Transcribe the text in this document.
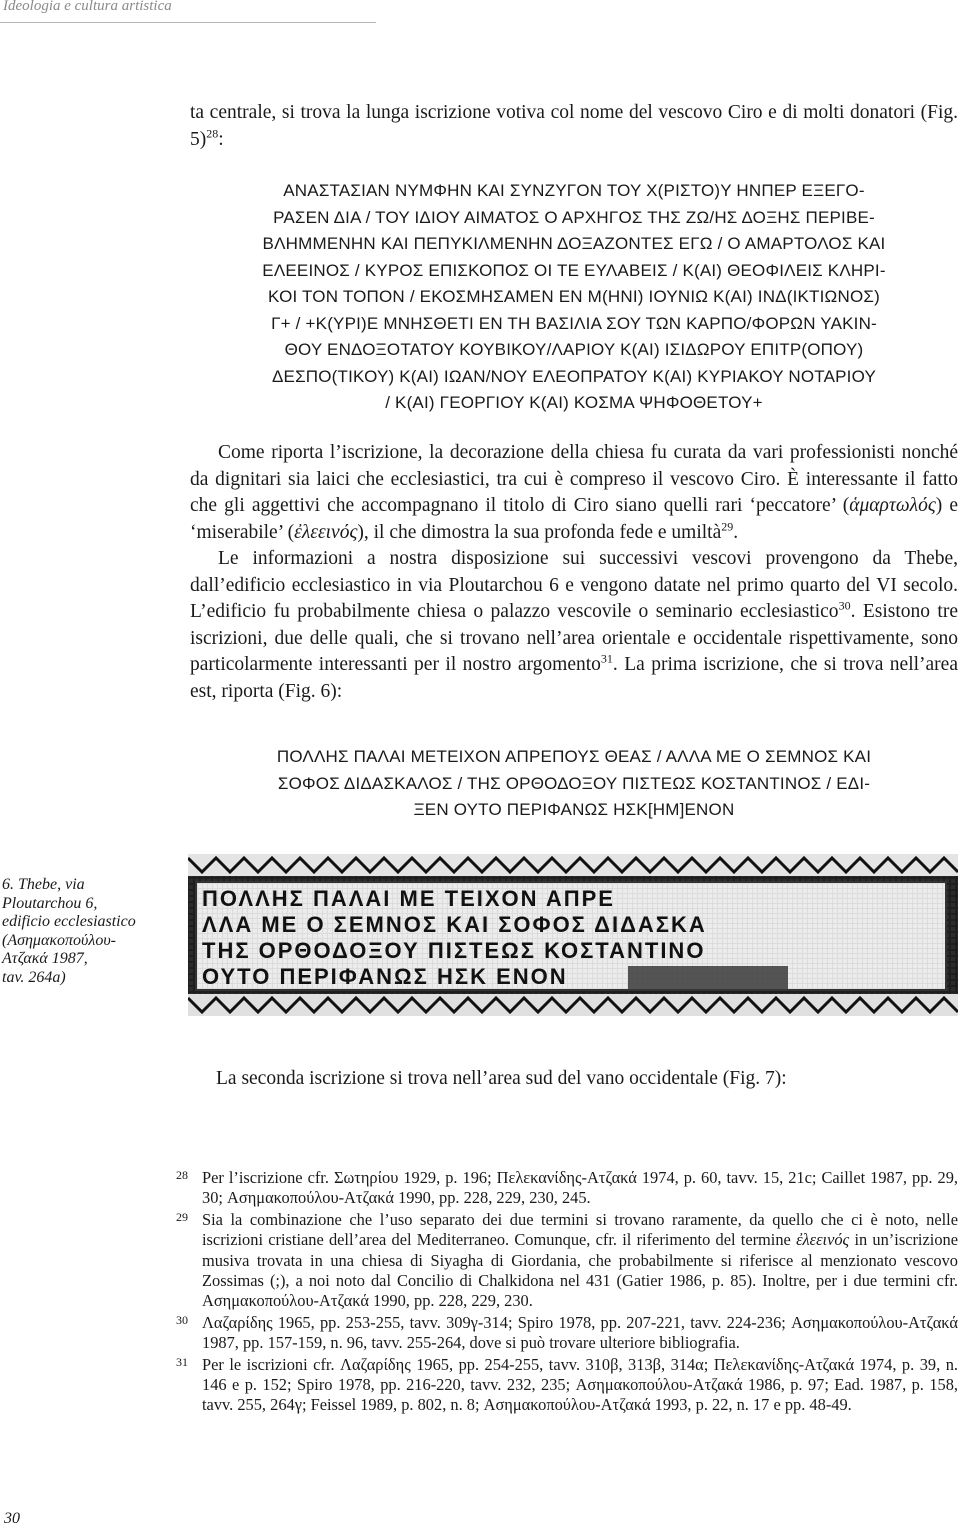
Ideologia e cultura artistica

ta centrale, si trova la lunga iscrizione votiva col nome del vescovo Ciro e di molti donatori (Fig. 5)$^{28}$:

ΑΝΑΣΤΑΣΙΑΝ ΝΥΜΦΗΝ ΚΑΙ ΣΥΝΖΥΓΟΝ ΤΟΥ Χ(ΡΙΣΤΟ)Υ ΗΝΠΕΡ ΕΞΕΓΟ-
ΡΑΣΕΝ ΔΙΑ / ΤΟΥ ΙΔΙΟΥ ΑΙΜΑΤΟΣ Ο ΑΡΧΗΓΟΣ ΤΗΣ ΖΩ/ΗΣ ΔΟΞΗΣ ΠΕΡΙΒΕ-
ΒΛΗΜΜΕΝΗΝ ΚΑΙ ΠΕΠΥΚΙΛΜΕΝΗΝ ΔΟΞΑΖΟΝΤΕΣ ΕΓΩ / Ο ΑΜΑΡΤΟΛΟΣ ΚΑΙ
ΕΛΕΕΙΝΟΣ / ΚΥΡΟΣ ΕΠΙΣΚΟΠΟΣ ΟΙ ΤΕ ΕΥΛΑΒΕΙΣ / Κ(ΑΙ) ΘΕΟΦΙΛΕΙΣ ΚΛΗΡΙ-
ΚΟΙ ΤΟΝ ΤΟΠΟΝ / ΕΚΟΣΜΗΣΑΜΕΝ ΕΝ Μ(ΗΝΙ) ΙΟΥΝΙΩ Κ(ΑΙ) ΙΝΔ(ΙΚΤΙΩΝΟΣ)
Γ+ / +Κ(ΥΡΙ)Ε ΜΝΗΣΘΕΤΙ ΕΝ ΤΗ ΒΑΣΙΛΙΑ ΣΟΥ ΤΩΝ ΚΑΡΠΟ/ΦΟΡΩΝ ΥΑΚΙΝ-
ΘΟΥ ΕΝΔΟΞΟΤΑΤΟΥ ΚΟΥΒΙΚΟΥ/ΛΑΡΙΟΥ Κ(ΑΙ) ΙΣΙΔΩΡΟΥ ΕΠΙΤΡ(ΟΠΟΥ)
ΔΕΣΠΟ(ΤΙΚΟΥ) Κ(ΑΙ) ΙΩΑΝ/ΝΟΥ ΕΛΕΟΠΡΑΤΟΥ Κ(ΑΙ) ΚΥΡΙΑΚΟΥ ΝΟΤΑΡΙΟΥ
/ Κ(ΑΙ) ΓΕΟΡΓΙΟΥ Κ(ΑΙ) ΚΟΣΜΑ ΨΗΦΟΘΕΤΟΥ+

Come riporta l’iscrizione, la decorazione della chiesa fu curata da vari professionisti nonché da dignitari sia laici che ecclesiastici, tra cui è compreso il vescovo Ciro. È interessante il fatto che gli aggettivi che accompagnano il titolo di Ciro siano quelli rari ‘peccatore’ (ἁμαρτωλός) e ‘miserabile’ (ἐλεεινός), il che dimostra la sua profonda fede e umiltà$^{29}$.

Le informazioni a nostra disposizione sui successivi vescovi provengono da Thebe, dall’edificio ecclesiastico in via Ploutarchou 6 e vengono datate nel primo quarto del VI secolo. L’edificio fu probabilmente chiesa o palazzo vescovile o seminario ecclesiastico$^{30}$. Esistono tre iscrizioni, due delle quali, che si trovano nell’area orientale e occidentale rispettivamente, sono particolarmente interessanti per il nostro argomento$^{31}$. La prima iscrizione, che si trova nell’area est, riporta (Fig. 6):

ΠΟΛΛΗΣ ΠΑΛΑΙ ΜΕΤΕΙΧΟΝ ΑΠΡΕΠΟΥΣ ΘΕΑΣ / ΑΛΛΑ ΜΕ Ο ΣΕΜΝΟΣ ΚΑΙ
ΣΟΦΟΣ ΔΙΔΑΣΚΑΛΟΣ / ΤΗΣ ΟΡΘΟΔΟΞΟΥ ΠΙΣΤΕΩΣ ΚΟΣΤΑΝΤΙΝΟΣ / ΕΔΙ-
ΞΕΝ ΟΥΤΟ ΠΕΡΙΦΑΝΩΣ ΗΣΚ[ΗΜ]ΕΝΟΝ
6. Thebe, via
Ploutarchou 6,
edificio ecclesiastico
(Ασημακοπούλου-
Ατζακά 1987,
tav. 264a)
ΠΟΛΛΗΣ ΠΑΛΑΙ ΜΕ ΤΕΙΧΟΝ ΑΠΡΕ
ΛΛΑ ΜΕ Ο ΣΕΜΝΟΣ ΚΑΙ ΣΟΦΟΣ ΔΙΔΑΣΚΑ
ΤΗΣ ΟΡΘΟΔΟΞΟΥ ΠΙΣΤΕΩΣ ΚΟΣΤΑΝΤΙΝΟ
ΟΥΤΟ ΠΕΡΙΦΑΝΩΣ ΗΣΚ ΕΝΟΝ

La seconda iscrizione si trova nell’area sud del vano occidentale (Fig. 7):

28 Per l’iscrizione cfr. Σωτηρίου 1929, p. 196; Πελεκανίδης-Ατζακά 1974, p. 60, tavv. 15, 21c; Caillet 1987, pp. 29, 30; Ασημακοπούλου-Ατζακά 1990, pp. 228, 229, 230, 245.
29 Sia la combinazione che l’uso separato dei due termini si trovano raramente, da quello che ci è noto, nelle iscrizioni cristiane dell’area del Mediterraneo. Comunque, cfr. il riferimento del termine ἐλεεινός in un’iscrizione musiva trovata in una chiesa di Siyagha di Giordania, che probabilmente si riferisce al menzionato vescovo Zossimas (;), a noi noto dal Concilio di Chalkidona nel 431 (Gatier 1986, p. 85). Inoltre, per i due termini cfr. Ασημακοπούλου-Ατζακά 1990, pp. 228, 229, 230.
30 Λαζαρίδης 1965, pp. 253-255, tavv. 309γ-314; Spiro 1978, pp. 207-221, tavv. 224-236; Ασημακοπούλου-Ατζακά 1987, pp. 157-159, n. 96, tavv. 255-264, dove si può trovare ulteriore bibliografia.
31 Per le iscrizioni cfr. Λαζαρίδης 1965, pp. 254-255, tavv. 310β, 313β, 314α; Πελεκανίδης-Ατζακά 1974, p. 39, n. 146 e p. 152; Spiro 1978, pp. 216-220, tavv. 232, 235; Ασημακοπούλου-Ατζακά 1986, p. 97; Ead. 1987, p. 158, tavv. 255, 264γ; Feissel 1989, p. 802, n. 8; Ασημακοπούλου-Ατζακά 1993, p. 22, n. 17 e pp. 48-49.
30
